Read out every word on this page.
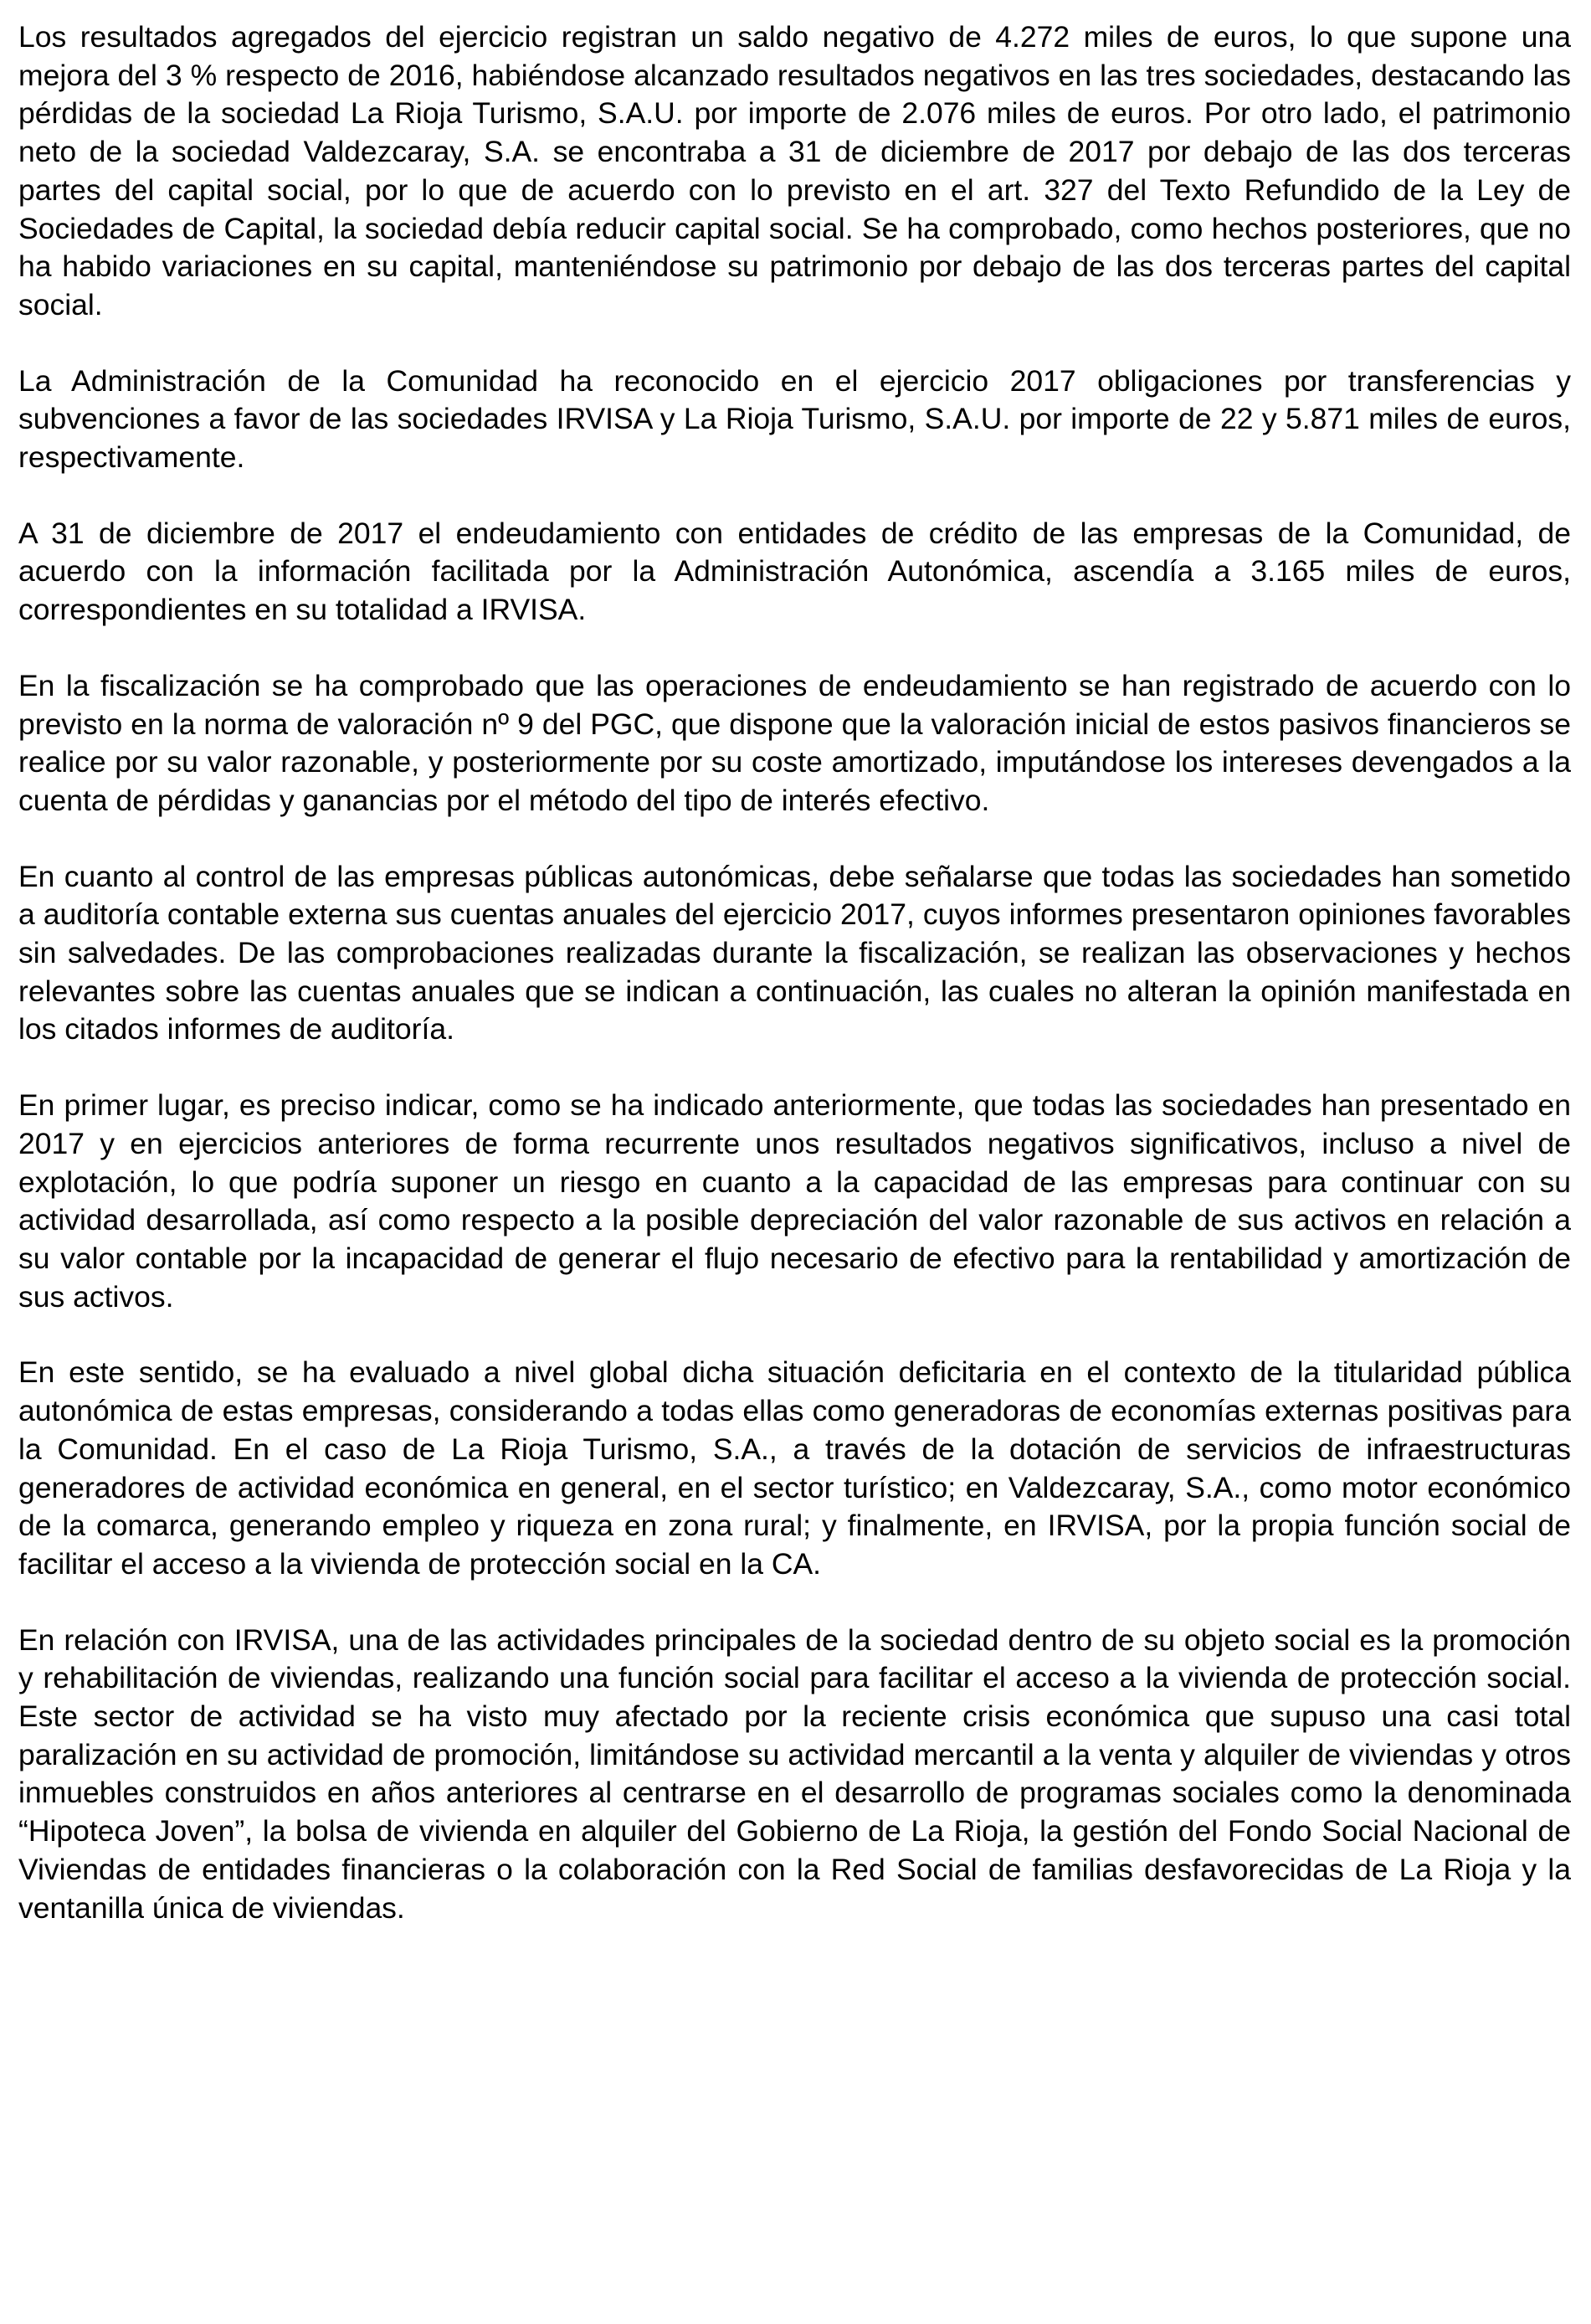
Los resultados agregados del ejercicio registran un saldo negativo de 4.272 miles de euros, lo que supone una mejora del 3 % respecto de 2016, habiéndose alcanzado resultados negativos en las tres sociedades, destacando las pérdidas de la sociedad La Rioja Turismo, S.A.U. por importe de 2.076 miles de euros. Por otro lado, el patrimonio neto de la sociedad Valdezcaray, S.A. se encontraba a 31 de diciembre de 2017 por debajo de las dos terceras partes del capital social, por lo que de acuerdo con lo previsto en el art. 327 del Texto Refundido de la Ley de Sociedades de Capital, la sociedad debía reducir capital social. Se ha comprobado, como hechos posteriores, que no ha habido variaciones en su capital, manteniéndose su patrimonio por debajo de las dos terceras partes del capital social.

La Administración de la Comunidad ha reconocido en el ejercicio 2017 obligaciones por transferencias y subvenciones a favor de las sociedades IRVISA y La Rioja Turismo, S.A.U. por importe de 22 y 5.871 miles de euros, respectivamente.

A 31 de diciembre de 2017 el endeudamiento con entidades de crédito de las empresas de la Comunidad, de acuerdo con la información facilitada por la Administración Autonómica, ascendía a 3.165 miles de euros, correspondientes en su totalidad a IRVISA.

En la fiscalización se ha comprobado que las operaciones de endeudamiento se han registrado de acuerdo con lo previsto en la norma de valoración nº 9 del PGC, que dispone que la valoración inicial de estos pasivos financieros se realice por su valor razonable, y posteriormente por su coste amortizado, imputándose los intereses devengados a la cuenta de pérdidas y ganancias por el método del tipo de interés efectivo.

En cuanto al control de las empresas públicas autonómicas, debe señalarse que todas las sociedades han sometido a auditoría contable externa sus cuentas anuales del ejercicio 2017, cuyos informes presentaron opiniones favorables sin salvedades. De las comprobaciones realizadas durante la fiscalización, se realizan las observaciones y hechos relevantes sobre las cuentas anuales que se indican a continuación, las cuales no alteran la opinión manifestada en los citados informes de auditoría.

En primer lugar, es preciso indicar, como se ha indicado anteriormente, que todas las sociedades han presentado en 2017 y en ejercicios anteriores de forma recurrente unos resultados negativos significativos, incluso a nivel de explotación, lo que podría suponer un riesgo en cuanto a la capacidad de las empresas para continuar con su actividad desarrollada, así como respecto a la posible depreciación del valor razonable de sus activos en relación a su valor contable por la incapacidad de generar el flujo necesario de efectivo para la rentabilidad y amortización de sus activos.

En este sentido, se ha evaluado a nivel global dicha situación deficitaria en el contexto de la titularidad pública autonómica de estas empresas, considerando a todas ellas como generadoras de economías externas positivas para la Comunidad. En el caso de La Rioja Turismo, S.A., a través de la dotación de servicios de infraestructuras generadores de actividad económica en general, en el sector turístico; en Valdezcaray, S.A., como motor económico de la comarca, generando empleo y riqueza en zona rural; y finalmente, en IRVISA, por la propia función social de facilitar el acceso a la vivienda de protección social en la CA.

En relación con IRVISA, una de las actividades principales de la sociedad dentro de su objeto social es la promoción y rehabilitación de viviendas, realizando una función social para facilitar el acceso a la vivienda de protección social. Este sector de actividad se ha visto muy afectado por la reciente crisis económica que supuso una casi total paralización en su actividad de promoción, limitándose su actividad mercantil a la venta y alquiler de viviendas y otros inmuebles construidos en años anteriores al centrarse en el desarrollo de programas sociales como la denominada “Hipoteca Joven”, la bolsa de vivienda en alquiler del Gobierno de La Rioja, la gestión del Fondo Social Nacional de Viviendas de entidades financieras o la colaboración con la Red Social de familias desfavorecidas de La Rioja y la ventanilla única de viviendas.
